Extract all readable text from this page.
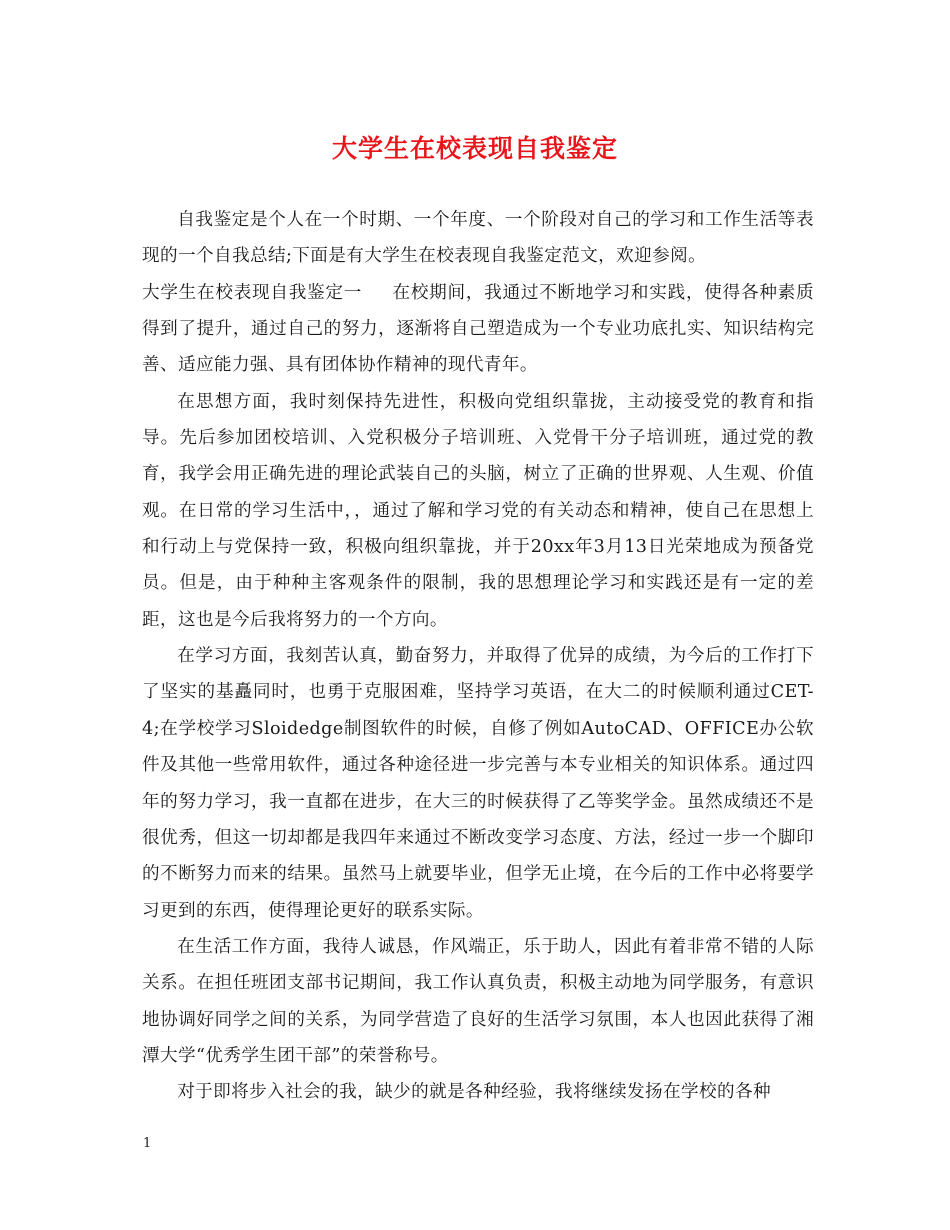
大学生在校表现自我鉴定

自我鉴定是个人在一个时期、一个年度、一个阶段对自己的学习和工作生活等表现的一个自我总结;下面是有大学生在校表现自我鉴定范文，欢迎参阅。

大学生在校表现自我鉴定一 在校期间，我通过不断地学习和实践，使得各种素质得到了提升，通过自己的努力，逐渐将自己塑造成为一个专业功底扎实、知识结构完善、适应能力强、具有团体协作精神的现代青年。

在思想方面，我时刻保持先进性，积极向党组织靠拢，主动接受党的教育和指导。先后参加团校培训、入党积极分子培训班、入党骨干分子培训班，通过党的教育，我学会用正确先进的理论武装自己的头脑，树立了正确的世界观、人生观、价值观。在日常的学习生活中，，通过了解和学习党的有关动态和精神，使自己在思想上和行动上与党保持一致，积极向组织靠拢，并于20xx年3月13日光荣地成为预备党员。但是，由于种种主客观条件的限制，我的思想理论学习和实践还是有一定的差距，这也是今后我将努力的一个方向。

在学习方面，我刻苦认真，勤奋努力，并取得了优异的成绩，为今后的工作打下了坚实的基矗同时，也勇于克服困难，坚持学习英语，在大二的时候顺利通过CET-4;在学校学习Sloidedge制图软件的时候，自修了例如AutoCAD、OFFICE办公软件及其他一些常用软件，通过各种途径进一步完善与本专业相关的知识体系。通过四年的努力学习，我一直都在进步，在大三的时候获得了乙等奖学金。虽然成绩还不是很优秀，但这一切却都是我四年来通过不断改变学习态度、方法，经过一步一个脚印的不断努力而来的结果。虽然马上就要毕业，但学无止境，在今后的工作中必将要学习更到的东西，使得理论更好的联系实际。

在生活工作方面，我待人诚恳，作风端正，乐于助人，因此有着非常不错的人际关系。在担任班团支部书记期间，我工作认真负责，积极主动地为同学服务，有意识地协调好同学之间的关系，为同学营造了良好的生活学习氛围，本人也因此获得了湘潭大学“优秀学生团干部”的荣誉称号。

对于即将步入社会的我，缺少的就是各种经验，我将继续发扬在学校的各种

1
